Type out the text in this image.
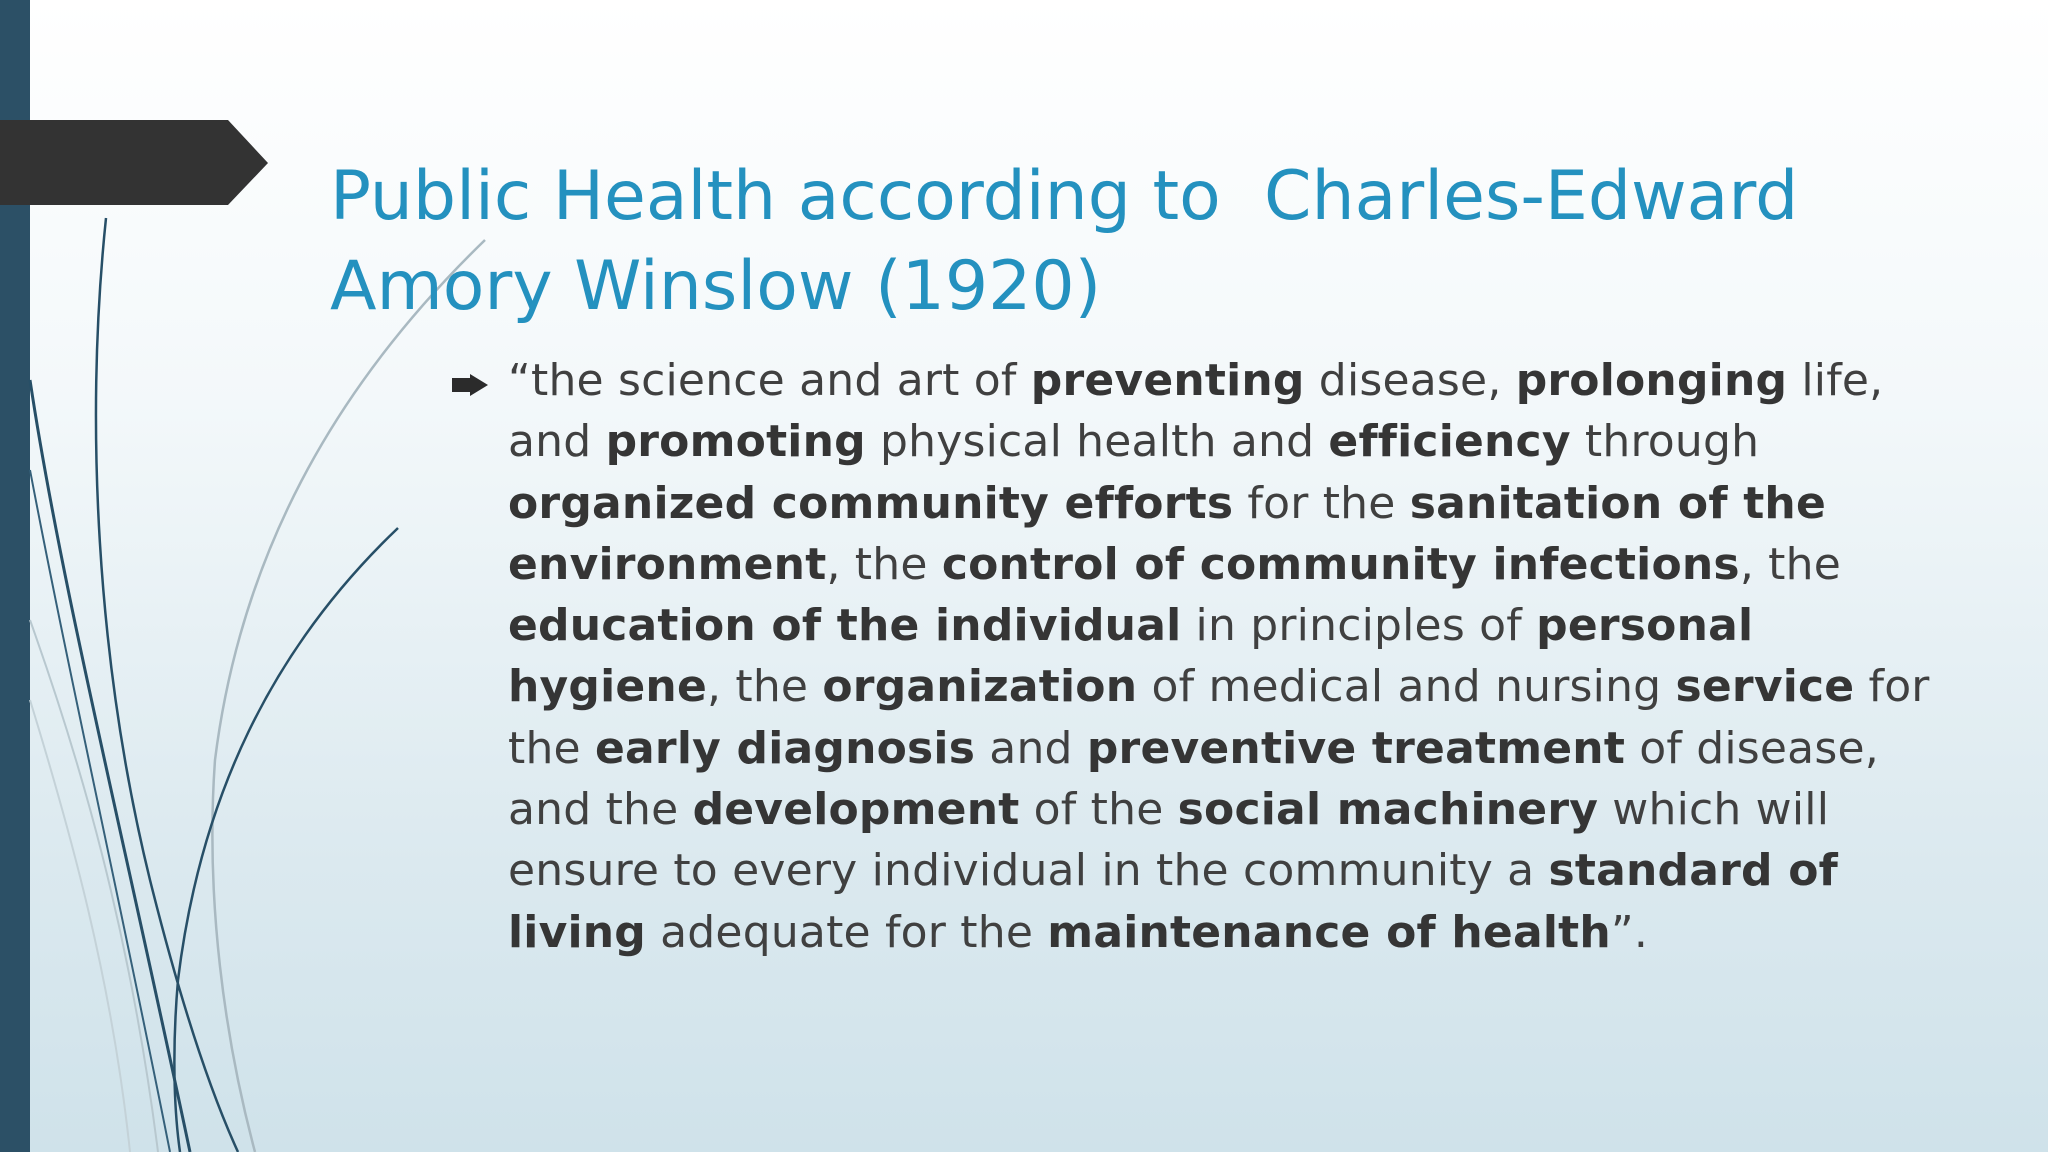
Public Health according to  Charles-Edward Amory Winslow (1920)

“the science and art of preventing disease, prolonging life, and promoting physical health and efficiency through organized community efforts for the sanitation of the environment, the control of community infections, the education of the individual in principles of personal hygiene, the organization of medical and nursing service for the early diagnosis and preventive treatment of disease, and the development of the social machinery which will ensure to every individual in the community a standard of living adequate for the maintenance of health”.
